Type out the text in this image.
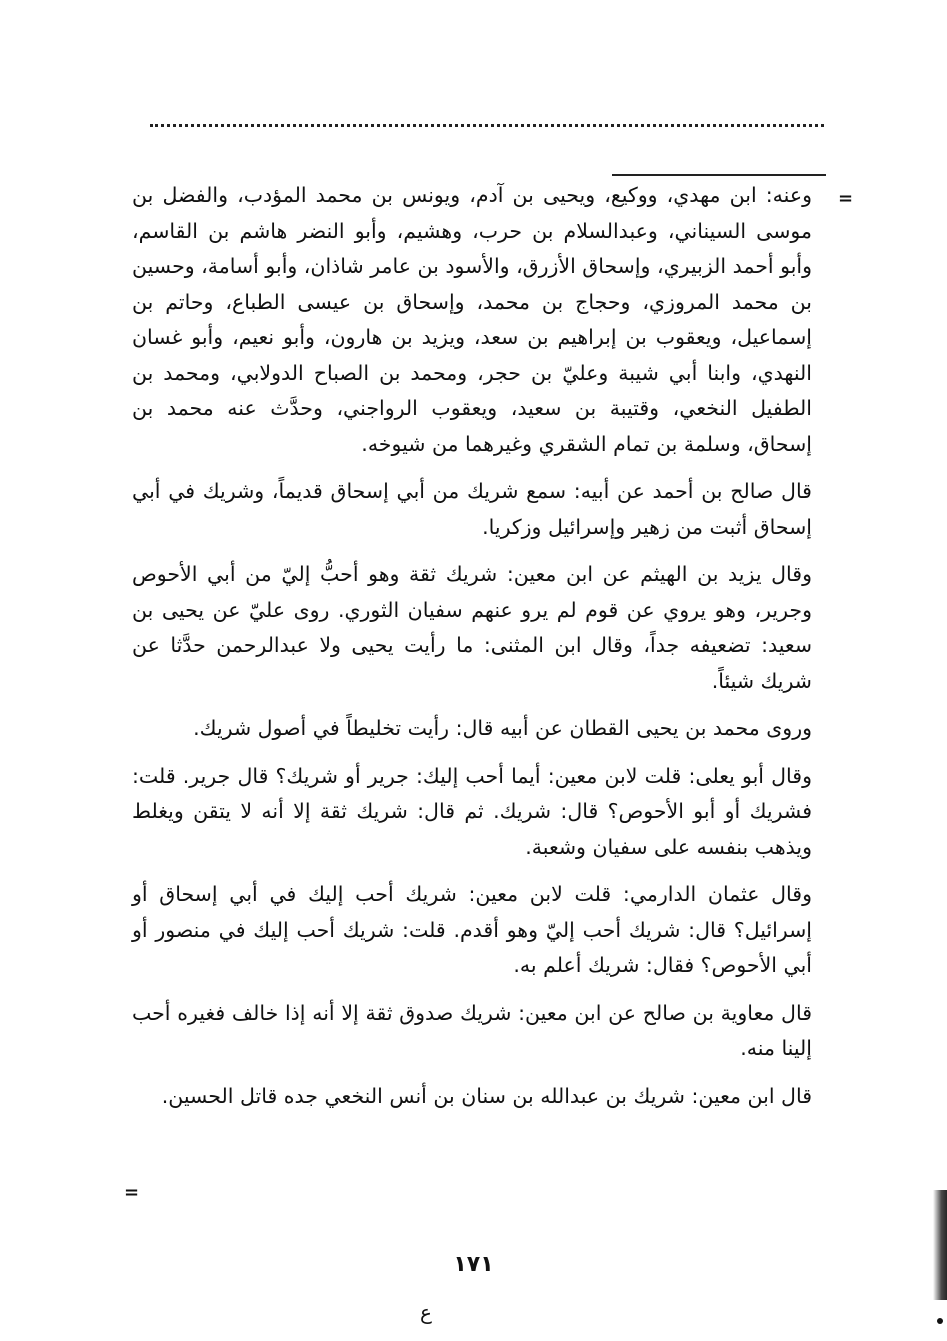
=

وعنه: ابن مهدي، ووكيع، ويحيى بن آدم، ويونس بن محمد المؤدب، والفضل بن موسى السيناني، وعبدالسلام بن حرب، وهشيم، وأبو النضر هاشم بن القاسم، وأبو أحمد الزبيري، وإسحاق الأزرق، والأسود بن عامر شاذان، وأبو أسامة، وحسين بن محمد المروزي، وحجاج بن محمد، وإسحاق بن عيسى الطباع، وحاتم بن إسماعيل، ويعقوب بن إبراهيم بن سعد، ويزيد بن هارون، وأبو نعيم، وأبو غسان النهدي، وابنا أبي شيبة وعليّ بن حجر، ومحمد بن الصباح الدولابي، ومحمد بن الطفيل النخعي، وقتيبة بن سعيد، ويعقوب الرواجني، وحدَّث عنه محمد بن إسحاق، وسلمة بن تمام الشقري وغيرهما من شيوخه.

قال صالح بن أحمد عن أبيه: سمع شريك من أبي إسحاق قديماً، وشريك في أبي إسحاق أثبت من زهير وإسرائيل وزكريا.

وقال يزيد بن الهيثم عن ابن معين: شريك ثقة وهو أحبُّ إليّ من أبي الأحوص وجرير، وهو يروي عن قوم لم يرو عنهم سفيان الثوري. روى عليّ عن يحيى بن سعيد: تضعيفه جداً، وقال ابن المثنى: ما رأيت يحيى ولا عبدالرحمن حدَّثا عن شريك شيئاً.

وروى محمد بن يحيى القطان عن أبيه قال: رأيت تخليطاً في أصول شريك.

وقال أبو يعلى: قلت لابن معين: أيما أحب إليك: جرير أو شريك؟ قال جرير. قلت: فشريك أو أبو الأحوص؟ قال: شريك. ثم قال: شريك ثقة إلا أنه لا يتقن ويغلط ويذهب بنفسه على سفيان وشعبة.

وقال عثمان الدارمي: قلت لابن معين: شريك أحب إليك في أبي إسحاق أو إسرائيل؟ قال: شريك أحب إليّ وهو أقدم. قلت: شريك أحب إليك في منصور أو أبي الأحوص؟ فقال: شريك أعلم به.

قال معاوية بن صالح عن ابن معين: شريك صدوق ثقة إلا أنه إذا خالف فغيره أحب إلينا منه.

قال ابن معين: شريك بن عبدالله بن سنان بن أنس النخعي جده قاتل الحسين.

=
١٧١
ﻉ
